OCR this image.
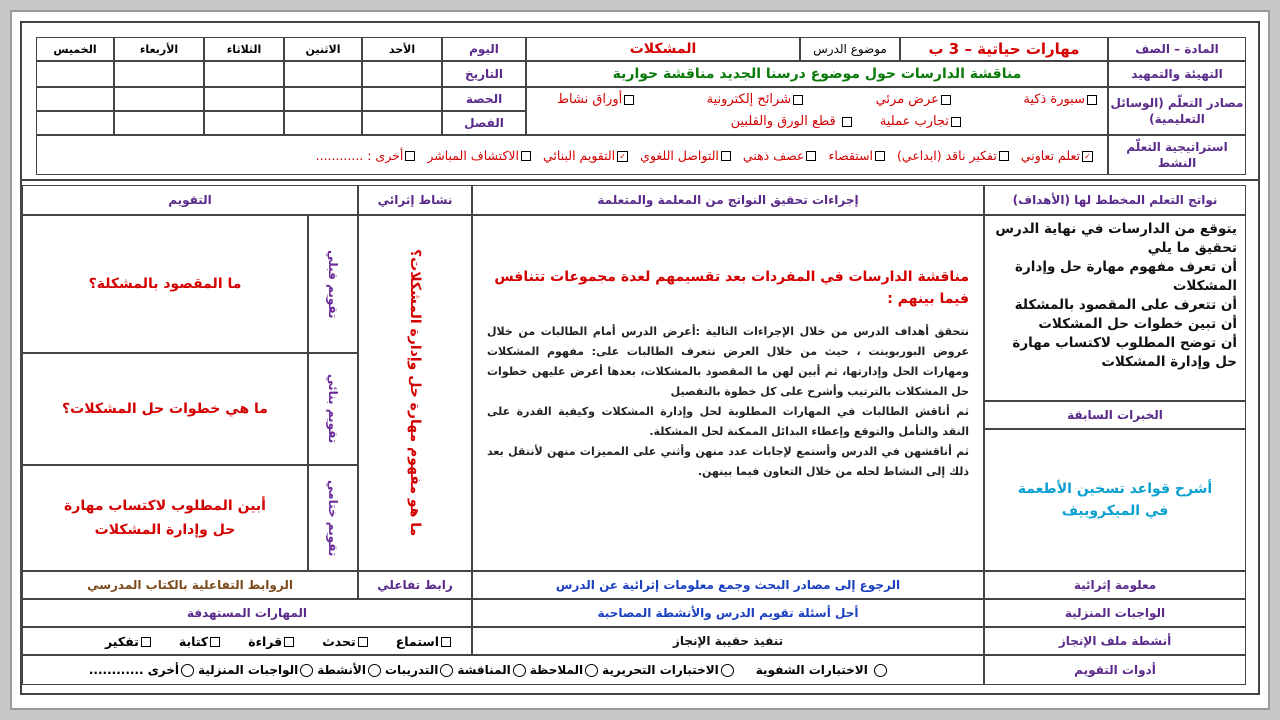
المادة – الصف
مهارات حياتية – 3 ب
موضوع الدرس
المشكلات
اليوم
الأحد
الاثنين
الثلاثاء
الأربعاء
الخميس
التهيئة والتمهيد
مناقشة الدارسات حول موضوع درسنا الجديد مناقشة حوارية
التاريخ
مصادر التعلّم (الوسائل التعليمية)
سبورة ذكية
عرض مرئي
شرائح إلكترونية
أوراق نشاط
تجارب عملية
قطع الورق والقلبين
الحصة
الفصل
استراتيجية التعلّم النشط
✓تعلم تعاوني
تفكير ناقد (ابداعي)
استقصاء
عصف ذهني
التواصل اللغوي
✓التقويم البنائي
الاكتشاف المباشر
أخرى : ............
نواتج التعلم المخطط لها (الأهداف)
إجراءات تحقيق النواتج من المعلمة والمتعلمة
نشاط إثرائي
التقويم
يتوقع من الدارسات في نهاية الدرس تحقيق ما يلي
أن تعرف مفهوم مهارة حل وإدارة المشكلات
أن تتعرف على المقصود بالمشكلة
أن تبين خطوات حل المشكلات
أن توضح المطلوب لاكتساب مهارة حل وإدارة المشكلات
الخبرات السابقة
أشرح قواعد تسخين الأطعمة في الميكروييف
مناقشة الدارسات في المفردات بعد تقسيمهم لعدة مجموعات تتنافس فيما بينهم :
نتحقق أهداف الدرس من خلال الإجراءات التالية :أعرض الدرس أمام الطالبات من خلال عروض البوربوينت ، حيث من خلال العرض نتعرف الطالبات على: مفهوم المشكلات ومهارات الحل وإدارتها، ثم أبين لهن ما المقصود بالمشكلات، بعدها أعرض عليهن خطوات حل المشكلات بالترتيب وأشرح على كل خطوة بالتفصيل
ثم أناقش الطالبات في المهارات المطلوبة لحل وإدارة المشكلات وكيفية القدرة على النقد والتأمل والتوقع وإعطاء البدائل الممكنة لحل المشكلة.
ثم أناقشهن في الدرس وأستمع لإجابات عدد منهن وأثني على المميزات منهن لأنتقل بعد ذلك إلى النشاط لحله من خلال التعاون فيما بينهن.
ما هو مفهوم مهارة حل وإدارة المشكلات؟
تقويم قبلي
ما المقصود بالمشكلة؟
تقويم بنائي
ما هي خطوات حل المشكلات؟
تقويم ختامي
أبين المطلوب لاكتساب مهارة حل وإدارة المشكلات
معلومة إثرائية
الرجوع إلى مصادر البحث وجمع معلومات إثرائية عن الدرس
رابط تفاعلي
الروابط التفاعلية بالكتاب المدرسي
الواجبات المنزلية
أحل أسئلة تقويم الدرس والأنشطة المصاحبة
المهارات المستهدفة
أنشطة ملف الإنجاز
تنفيذ حقيبة الإنجاز
استماع
تحدث
قراءة
كتابة
تفكير
أدوات التقويم
الاختبارات الشفوية
الاختبارات التحريرية
الملاحظة
المناقشة
التدريبات
الأنشطة
الواجبات المنزلية
أخرى ............
